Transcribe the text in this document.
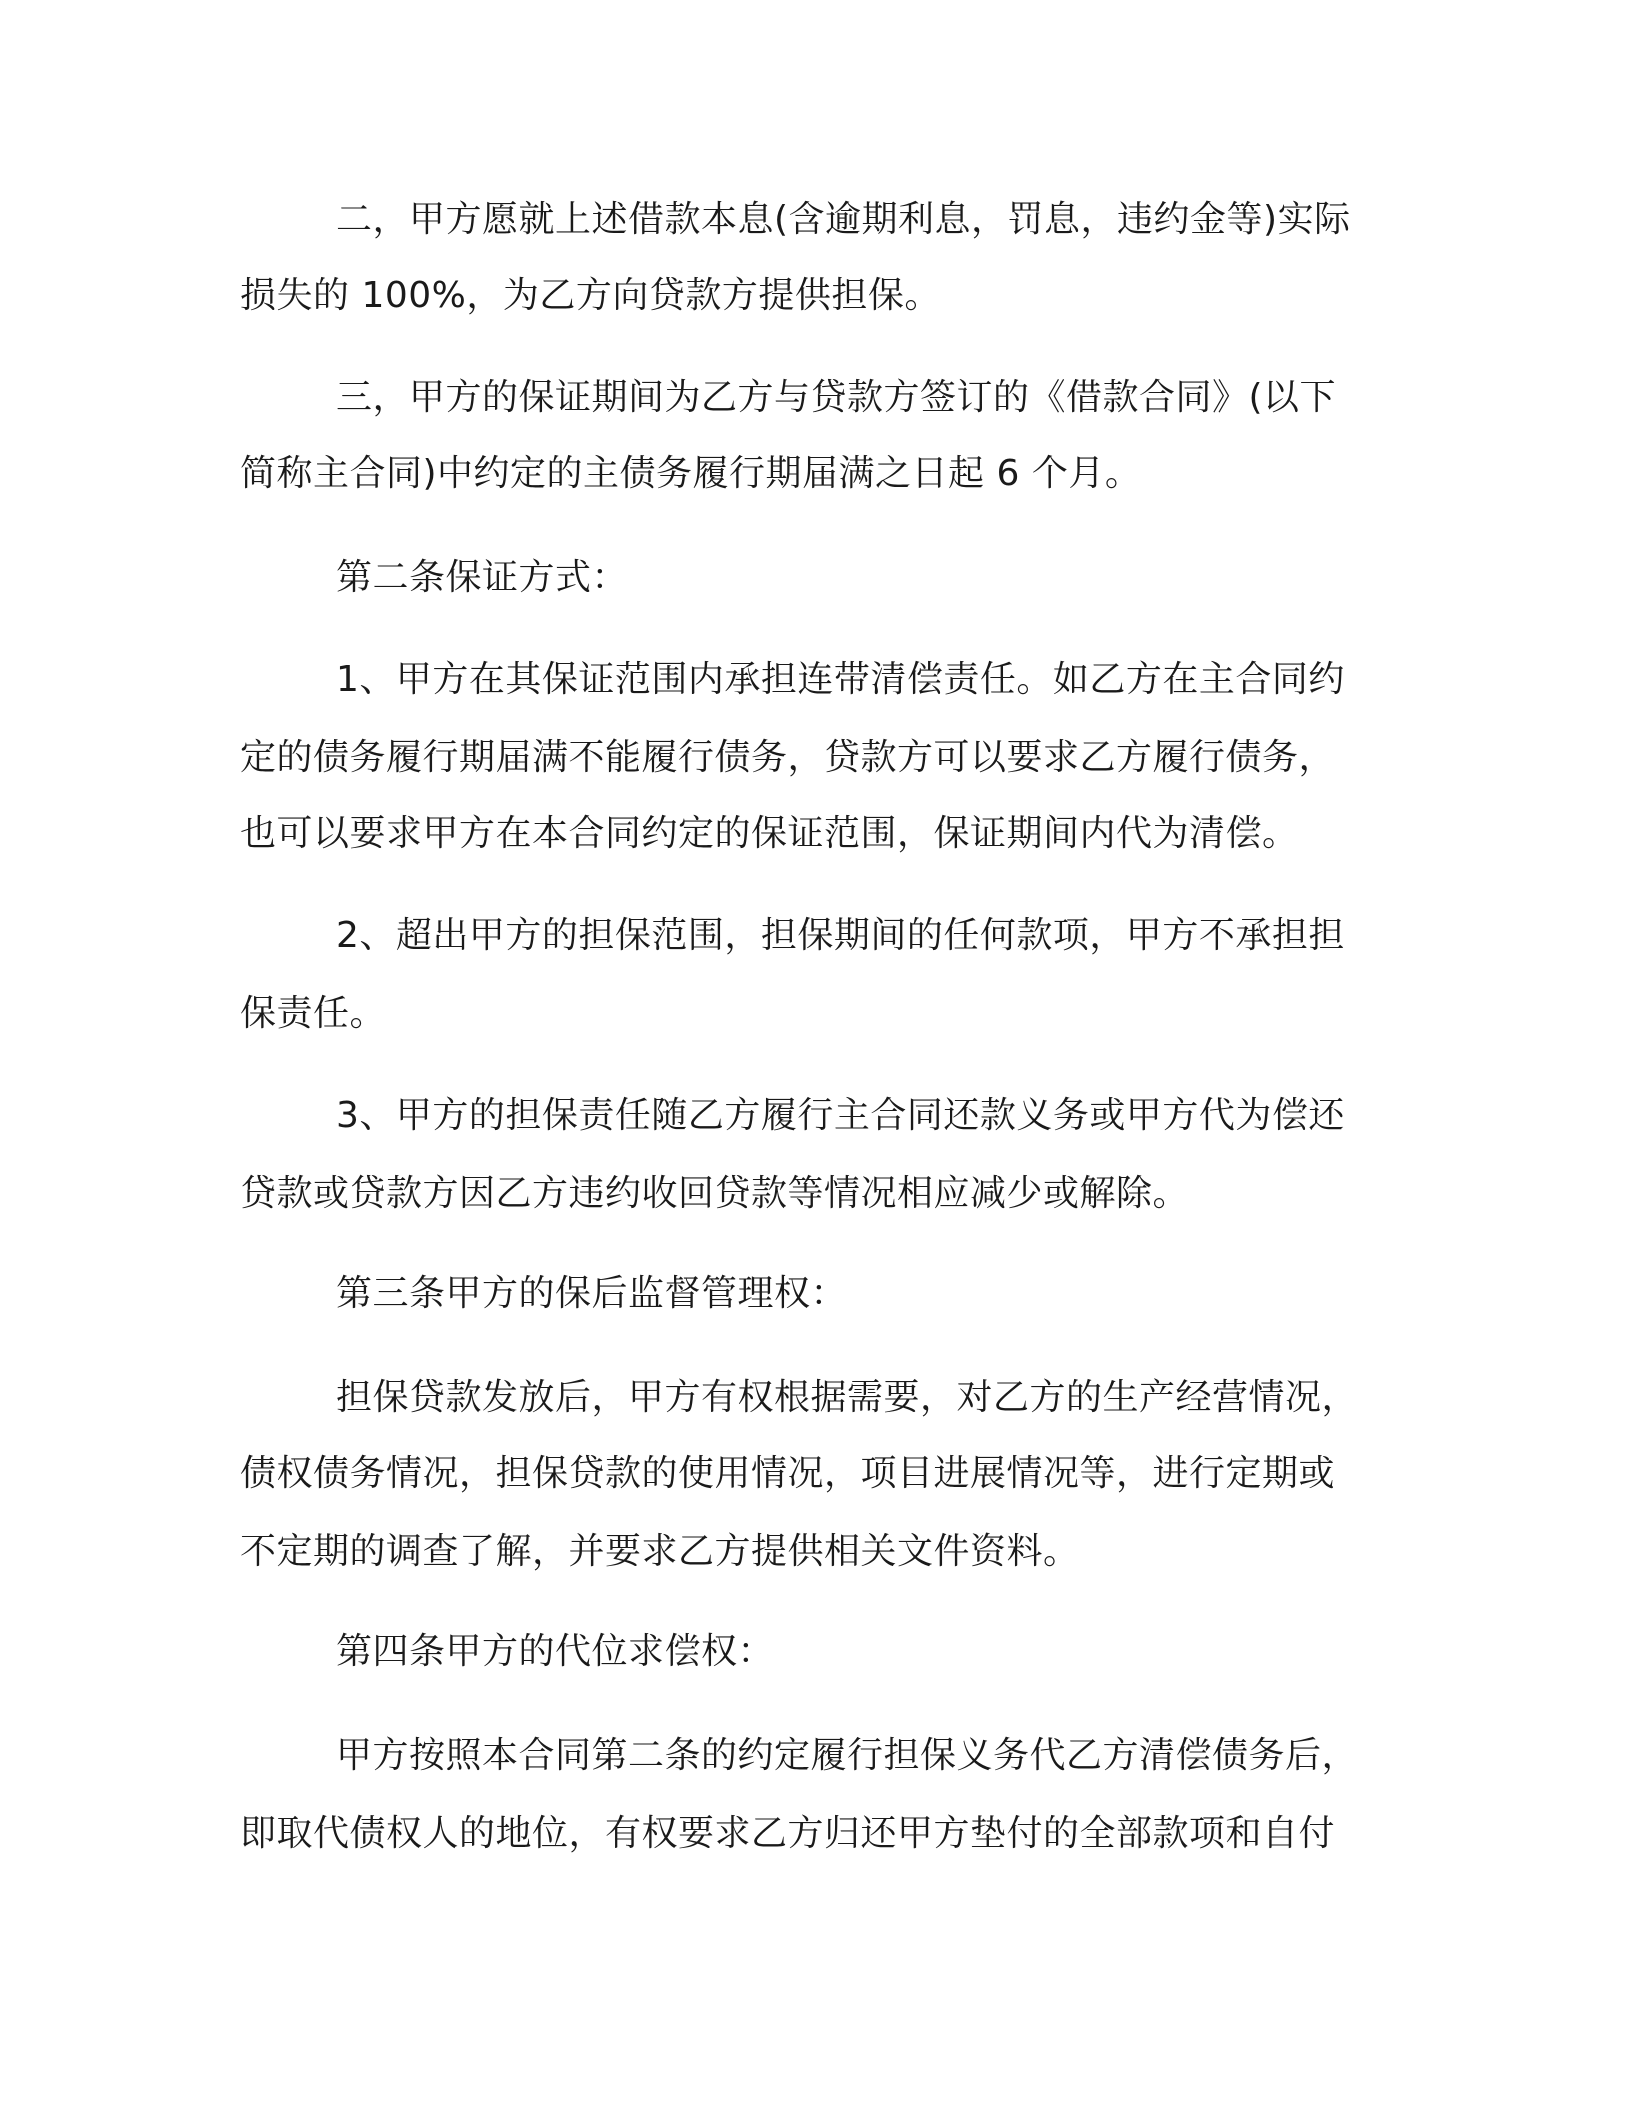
二，甲方愿就上述借款本息(含逾期利息，罚息，违约金等)实际
损失的 100%，为乙方向贷款方提供担保。
三，甲方的保证期间为乙方与贷款方签订的《借款合同》(以下
简称主合同)中约定的主债务履行期届满之日起 6 个月。
第二条保证方式：
1、甲方在其保证范围内承担连带清偿责任。如乙方在主合同约
定的债务履行期届满不能履行债务，贷款方可以要求乙方履行债务，
也可以要求甲方在本合同约定的保证范围，保证期间内代为清偿。
2、超出甲方的担保范围，担保期间的任何款项，甲方不承担担
保责任。
3、甲方的担保责任随乙方履行主合同还款义务或甲方代为偿还
贷款或贷款方因乙方违约收回贷款等情况相应减少或解除。
第三条甲方的保后监督管理权：
担保贷款发放后，甲方有权根据需要，对乙方的生产经营情况，
债权债务情况，担保贷款的使用情况，项目进展情况等，进行定期或
不定期的调查了解，并要求乙方提供相关文件资料。
第四条甲方的代位求偿权：
甲方按照本合同第二条的约定履行担保义务代乙方清偿债务后，
即取代债权人的地位，有权要求乙方归还甲方垫付的全部款项和自付
